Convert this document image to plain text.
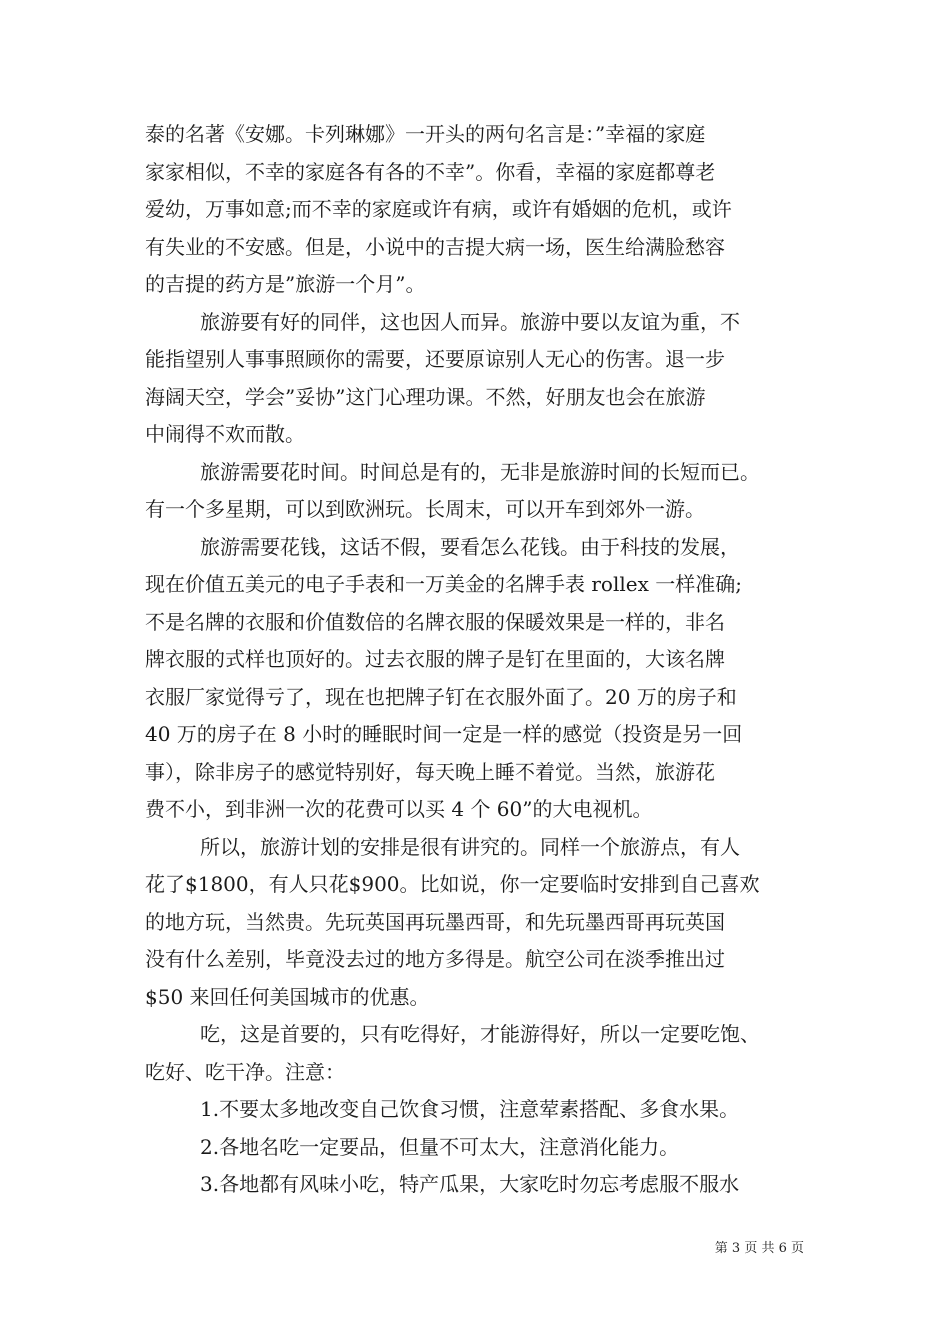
泰的名著《安娜。卡列琳娜》一开头的两句名言是：”幸福的家庭
家家相似，不幸的家庭各有各的不幸”。你看，幸福的家庭都尊老
爱幼，万事如意;而不幸的家庭或许有病，或许有婚姻的危机，或许
有失业的不安感。但是，小说中的吉提大病一场，医生给满脸愁容
的吉提的药方是”旅游一个月”。
旅游要有好的同伴，这也因人而异。旅游中要以友谊为重，不
能指望别人事事照顾你的需要，还要原谅别人无心的伤害。退一步
海阔天空，学会”妥协”这门心理功课。不然，好朋友也会在旅游
中闹得不欢而散。
旅游需要花时间。时间总是有的，无非是旅游时间的长短而已。
有一个多星期，可以到欧洲玩。长周末，可以开车到郊外一游。
旅游需要花钱，这话不假，要看怎么花钱。由于科技的发展，
现在价值五美元的电子手表和一万美金的名牌手表 rollex 一样准确;
不是名牌的衣服和价值数倍的名牌衣服的保暖效果是一样的，非名
牌衣服的式样也顶好的。过去衣服的牌子是钉在里面的，大该名牌
衣服厂家觉得亏了，现在也把牌子钉在衣服外面了。20 万的房子和
40 万的房子在 8 小时的睡眠时间一定是一样的感觉（投资是另一回
事），除非房子的感觉特别好，每天晚上睡不着觉。当然，旅游花
费不小，到非洲一次的花费可以买 4 个 60”的大电视机。
所以，旅游计划的安排是很有讲究的。同样一个旅游点，有人
花了$1800，有人只花$900。比如说，你一定要临时安排到自己喜欢
的地方玩，当然贵。先玩英国再玩墨西哥，和先玩墨西哥再玩英国
没有什么差别，毕竟没去过的地方多得是。航空公司在淡季推出过
$50 来回任何美国城市的优惠。
吃，这是首要的，只有吃得好，才能游得好，所以一定要吃饱、
吃好、吃干净。注意：
1.不要太多地改变自己饮食习惯，注意荤素搭配、多食水果。
2.各地名吃一定要品，但量不可太大，注意消化能力。
3.各地都有风味小吃，特产瓜果，大家吃时勿忘考虑服不服水
第 3 页 共 6 页
